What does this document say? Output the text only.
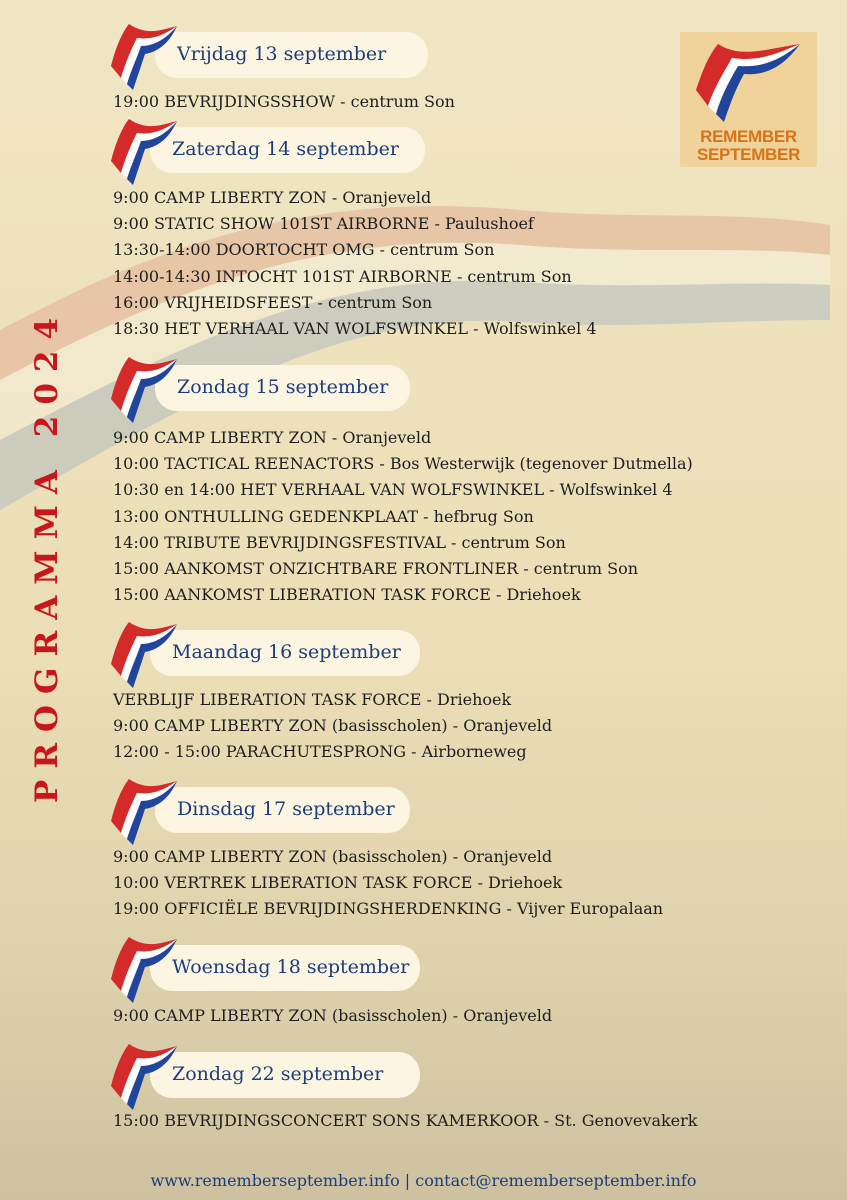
PROGRAMMA 2024
REMEMBER
SEPTEMBER
Vrijdag 13 september
19:00 BEVRIJDINGSSHOW - centrum Son
Zaterdag 14 september
9:00 CAMP LIBERTY ZON - Oranjeveld
9:00 STATIC SHOW 101ST AIRBORNE - Paulushoef
13:30-14:00 DOORTOCHT OMG - centrum Son
14:00-14:30 INTOCHT 101ST AIRBORNE - centrum Son
16:00 VRIJHEIDSFEEST - centrum Son
18:30 HET VERHAAL VAN WOLFSWINKEL - Wolfswinkel 4
Zondag 15 september
9:00 CAMP LIBERTY ZON - Oranjeveld
10:00 TACTICAL REENACTORS - Bos Westerwijk (tegenover Dutmella)
10:30 en 14:00 HET VERHAAL VAN WOLFSWINKEL - Wolfswinkel 4
13:00 ONTHULLING GEDENKPLAAT - hefbrug Son
14:00 TRIBUTE BEVRIJDINGSFESTIVAL - centrum Son
15:00 AANKOMST ONZICHTBARE FRONTLINER - centrum Son
15:00 AANKOMST LIBERATION TASK FORCE - Driehoek
Maandag 16 september
VERBLIJF LIBERATION TASK FORCE - Driehoek
9:00 CAMP LIBERTY ZON (basisscholen) - Oranjeveld
12:00 - 15:00 PARACHUTESPRONG - Airborneweg
Dinsdag 17 september
9:00 CAMP LIBERTY ZON (basisscholen) - Oranjeveld
10:00 VERTREK LIBERATION TASK FORCE - Driehoek
19:00 OFFICIËLE BEVRIJDINGSHERDENKING - Vijver Europalaan
Woensdag 18 september
9:00 CAMP LIBERTY ZON (basisscholen) - Oranjeveld
Zondag 22 september
15:00 BEVRIJDINGSCONCERT SONS KAMERKOOR - St. Genovevakerk
www.rememberseptember.info | contact@rememberseptember.info
